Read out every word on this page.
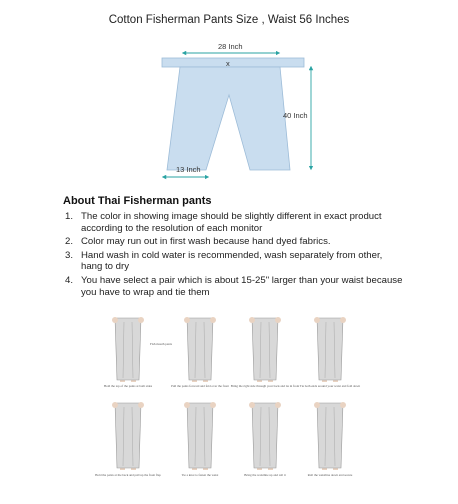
Cotton Fisherman Pants Size , Waist 56 Inches
x
28 Inch
40 Inch
13 Inch
About Thai Fisherman pants
1. The color in showing image should be slightly different in exact product according to the resolution of each monitor
2. Color may run out in first wash because hand dyed fabrics.
3. Hand wash in cold water is recommended, wash separately from other, hang to dry
4. You have select a pair which is about 15-25" larger than your waist because you have to wrap and tie them
Hold the top of the pants at both sides	Pull the pants forward and fold over the front Bring the right side through your back and tie in front Tie both ends around your waist and fold down
Hold the pants at the back and pull up the front flap	Tie a knot to fasten the waist	Bring the waistline up and roll it	Roll the waistline down and secure
Fish mouth pants
